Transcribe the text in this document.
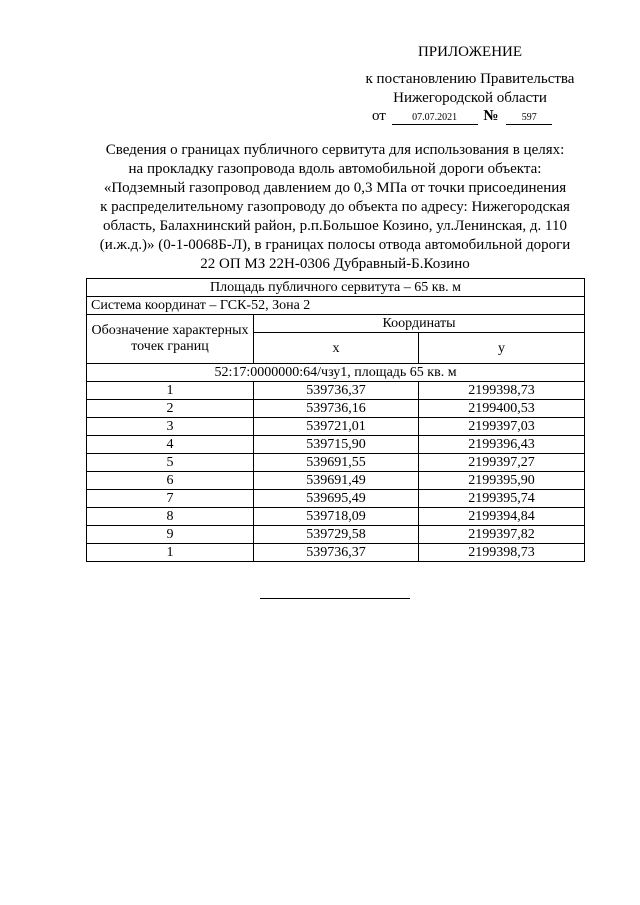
ПРИЛОЖЕНИЕ
к постановлению Правительства
Нижегородской области
от	07.07.2021 № 597
Сведения о границах публичного сервитута для использования в целях:
на прокладку газопровода вдоль автомобильной дороги объекта:
«Подземный газопровод давлением до 0,3 МПа от точки присоединения
к распределительному газопроводу до объекта по адресу: Нижегородская
область, Балахнинский район, р.п.Большое Козино, ул.Ленинская, д. 110
(и.ж.д.)» (0-1-0068Б-Л), в границах полосы отвода автомобильной дороги
22 ОП МЗ 22Н-0306 Дубравный-Б.Козино
Площадь публичного сервитута – 65 кв. м		
Система координат – ГСК-52, Зона 2		
Обозначение характерных точек границ	Координаты	
	x	y
52:17:0000000:64/чзу1, площадь 65 кв. м		
1	539736,37	2199398,73
2	539736,16	2199400,53
3	539721,01	2199397,03
4	539715,90	2199396,43
5	539691,55	2199397,27
6	539691,49	2199395,90
7	539695,49	2199395,74
8	539718,09	2199394,84
9	539729,58	2199397,82
1	539736,37	2199398,73
